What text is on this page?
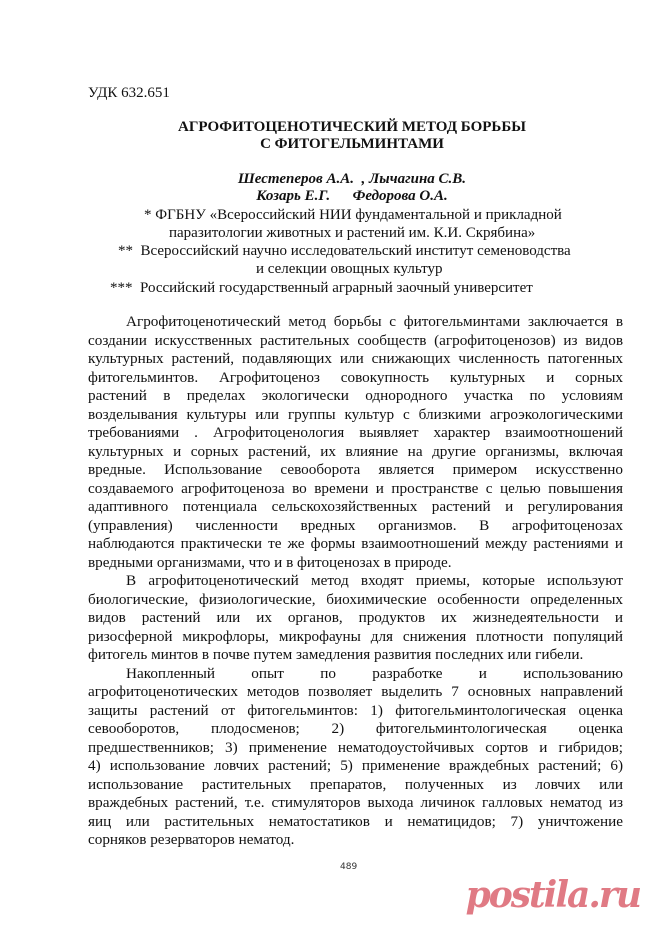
УДК 632.651
АГРОФИТОЦЕНОТИЧЕСКИЙ МЕТОД БОРЬБЫ
С ФИТОГЕЛЬМИНТАМИ
Шестеперов А.А.  , Лычагина С.В.
Козарь Е.Г.      Федорова О.А.
* ФГБНУ «Всероссийский НИИ фундаментальной и прикладной
паразитологии животных и растений им. К.И. Скрябина»
**  Всероссийский научно исследовательский институт семеноводства
и селекции овощных культур
***  Российский государственный аграрный заочный университет
Агрофитоценотический метод борьбы с фитогельминтами заключается в
создании искусственных растительных сообществ (агрофитоценозов) из видов
культурных растений, подавляющих или снижающих численность патогенных
фитогельминтов. Агрофитоценоз совокупность культурных и сорных
растений в пределах экологически однородного участка по условиям
возделывания культуры или группы культур с близкими агроэкологическими
требованиями . Агрофитоценология выявляет характер взаимоотношений
культурных и сорных растений, их влияние на другие организмы, включая
вредные. Использование севооборота является примером искусственно
создаваемого агрофитоценоза во времени и пространстве с целью повышения
адаптивного потенциала сельскохозяйственных растений и регулирования
(управления) численности вредных организмов. В агрофитоценозах
наблюдаются практически те же формы взаимоотношений между растениями и
вредными организмами, что и в фитоценозах в природе.
В агрофитоценотический метод входят приемы, которые используют
биологические, физиологические, биохимические особенности определенных
видов растений или их органов, продуктов их жизнедеятельности и
ризосферной микрофлоры, микрофауны для снижения плотности популяций
фитогель минтов в почве путем замедления развития последних или гибели.
Накопленный опыт по разработке и использованию
агрофитоценотических методов позволяет выделить 7 основных направлений
защиты растений от фитогельминтов: 1) фитогельминтологическая оценка
севооборотов, плодосменов; 2) фитогельминтологическая оценка
предшественников; 3) применение нематодоустойчивых сортов и гибридов;
4) использование ловчих растений; 5) применение враждебных растений; 6)
использование растительных препаратов, полученных из ловчих или
враждебных растений, т.е. стимуляторов выхода личинок галловых нематод из
яиц или растительных нематостатиков и нематицидов; 7) уничтожение
сорняков резерваторов нематод.
489
postila.ru
